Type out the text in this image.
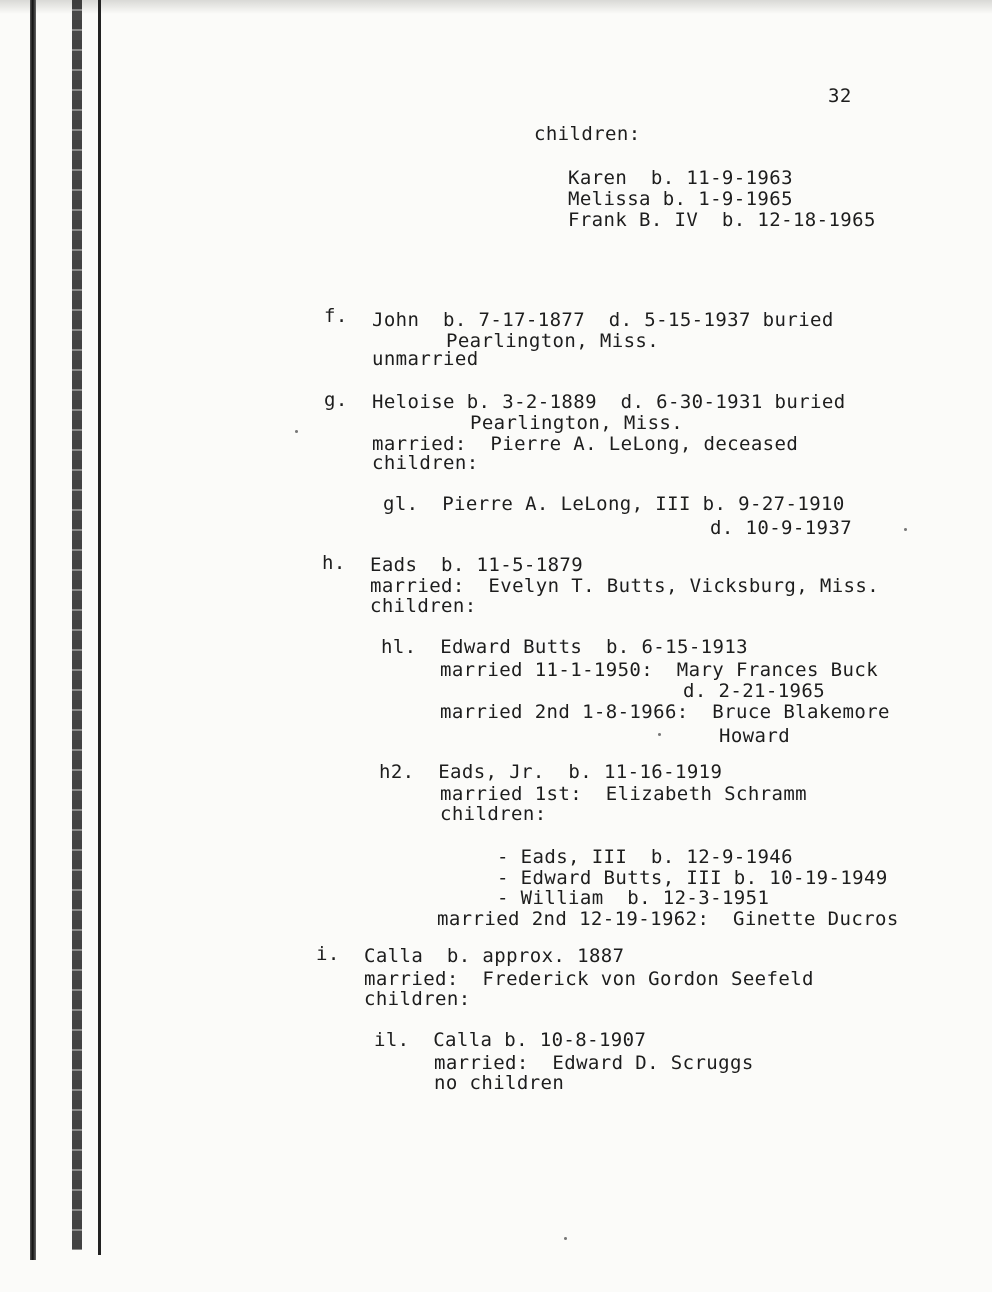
32
children:
Karen  b. 11-9-1963
Melissa b. 1-9-1965
Frank B. IV  b. 12-18-1965
f. John  b. 7-17-1877  d. 5-15-1937 buried
Pearlington, Miss.
unmarried
g. Heloise b. 3-2-1889  d. 6-30-1931 buried
Pearlington, Miss.
married:  Pierre A. LeLong, deceased
children:
gl.  Pierre A. LeLong, III b. 9-27-1910
d. 10-9-1937
h. Eads  b. 11-5-1879
married:  Evelyn T. Butts, Vicksburg, Miss.
children:
hl.  Edward Butts  b. 6-15-1913
married 11-1-1950:  Mary Frances Buck
d. 2-21-1965
married 2nd 1-8-1966:  Bruce Blakemore
Howard
h2.  Eads, Jr.  b. 11-16-1919
married 1st:  Elizabeth Schramm
children:
- Eads, III  b. 12-9-1946
- Edward Butts, III b. 10-19-1949
- William  b. 12-3-1951
married 2nd 12-19-1962:  Ginette Ducros
i. Calla  b. approx. 1887
married:  Frederick von Gordon Seefeld
children:
il.  Calla b. 10-8-1907
married:  Edward D. Scruggs
no children
